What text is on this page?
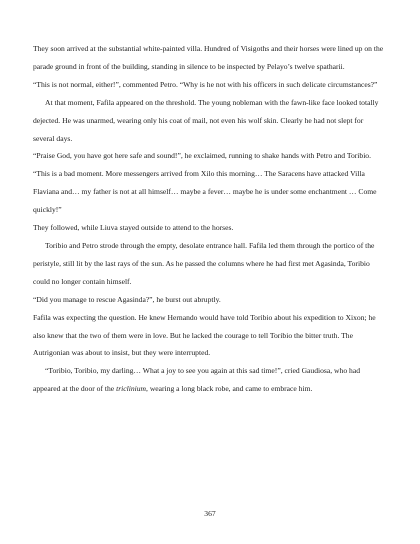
They soon arrived at the substantial white-painted villa. Hundred of Visigoths and their horses were lined up on the parade ground in front of the building, standing in silence to be inspected by Pelayo’s twelve spatharii.

“This is not normal, either!”, commented Petro. “Why is he not with his officers in such delicate circumstances?”

At that moment, Fafila appeared on the threshold. The young nobleman with the fawn-like face looked totally dejected. He was unarmed, wearing only his coat of mail, not even his wolf skin. Clearly he had not slept for several days.

“Praise God, you have got here safe and sound!”, he exclaimed, running to shake hands with Petro and Toribio. “This is a bad moment. More messengers arrived from Xilo this morning… The Saracens have attacked Villa Flaviana and… my father is not at all himself… maybe a fever… maybe he is under some enchantment … Come quickly!”

They followed, while Liuva stayed outside to attend to the horses.

Toribio and Petro strode through the empty, desolate entrance hall. Fafila led them through the portico of the peristyle, still lit by the last rays of the sun. As he passed the columns where he had first met Agasinda, Toribio could no longer contain himself.

“Did you manage to rescue Agasinda?”, he burst out abruptly.

Fafila was expecting the question. He knew Hernando would have told Toribio about his expedition to Xixon; he also knew that the two of them were in love. But he lacked the courage to tell Toribio the bitter truth. The Autrigonian was about to insist, but they were interrupted.

“Toribio, Toribio, my darling… What a joy to see you again at this sad time!”, cried Gaudiosa, who had appeared at the door of the triclinium, wearing a long black robe, and came to embrace him.

367
